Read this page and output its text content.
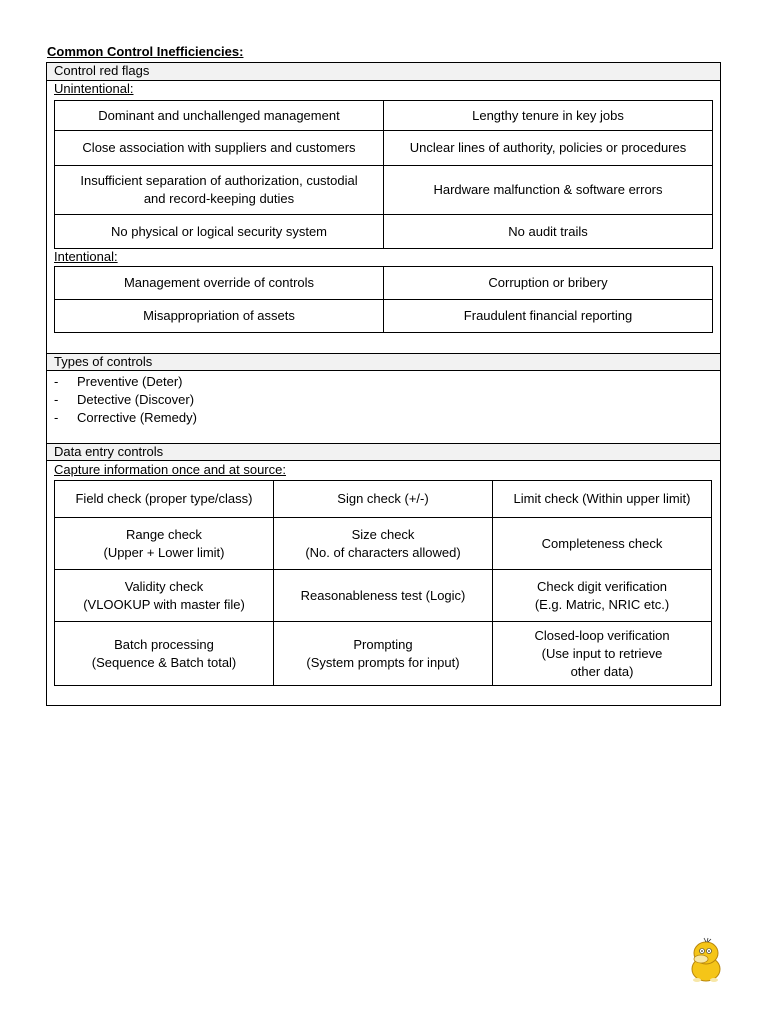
Common Control Inefficiencies:
Control red flags
Unintentional:
Dominant and unchallenged management	Lengthy tenure in key jobs

Close association with suppliers and customers	Unclear lines of authority, policies or procedures

Insufficient separation of authorization, custodial
and record-keeping duties	Hardware malfunction & software errors

No physical or logical security system	No audit trails
Intentional:
Management override of controls	Corruption or bribery

Misappropriation of assets	Fraudulent financial reporting
Types of controls
-	Preventive (Deter)
-	Detective (Discover)
-	Corrective (Remedy)
Data entry controls
Capture information once and at source:
Field check (proper type/class)	Sign check (+/-)	Limit check (Within upper limit)

Range check
(Upper + Lower limit)	Size check
(No. of characters allowed)	Completeness check

Validity check
(VLOOKUP with master file)	Reasonableness test (Logic)	Check digit verification
(E.g. Matric, NRIC etc.)

Batch processing
(Sequence & Batch total)	Prompting
(System prompts for input)	Closed-loop verification
(Use input to retrieve
other data)
